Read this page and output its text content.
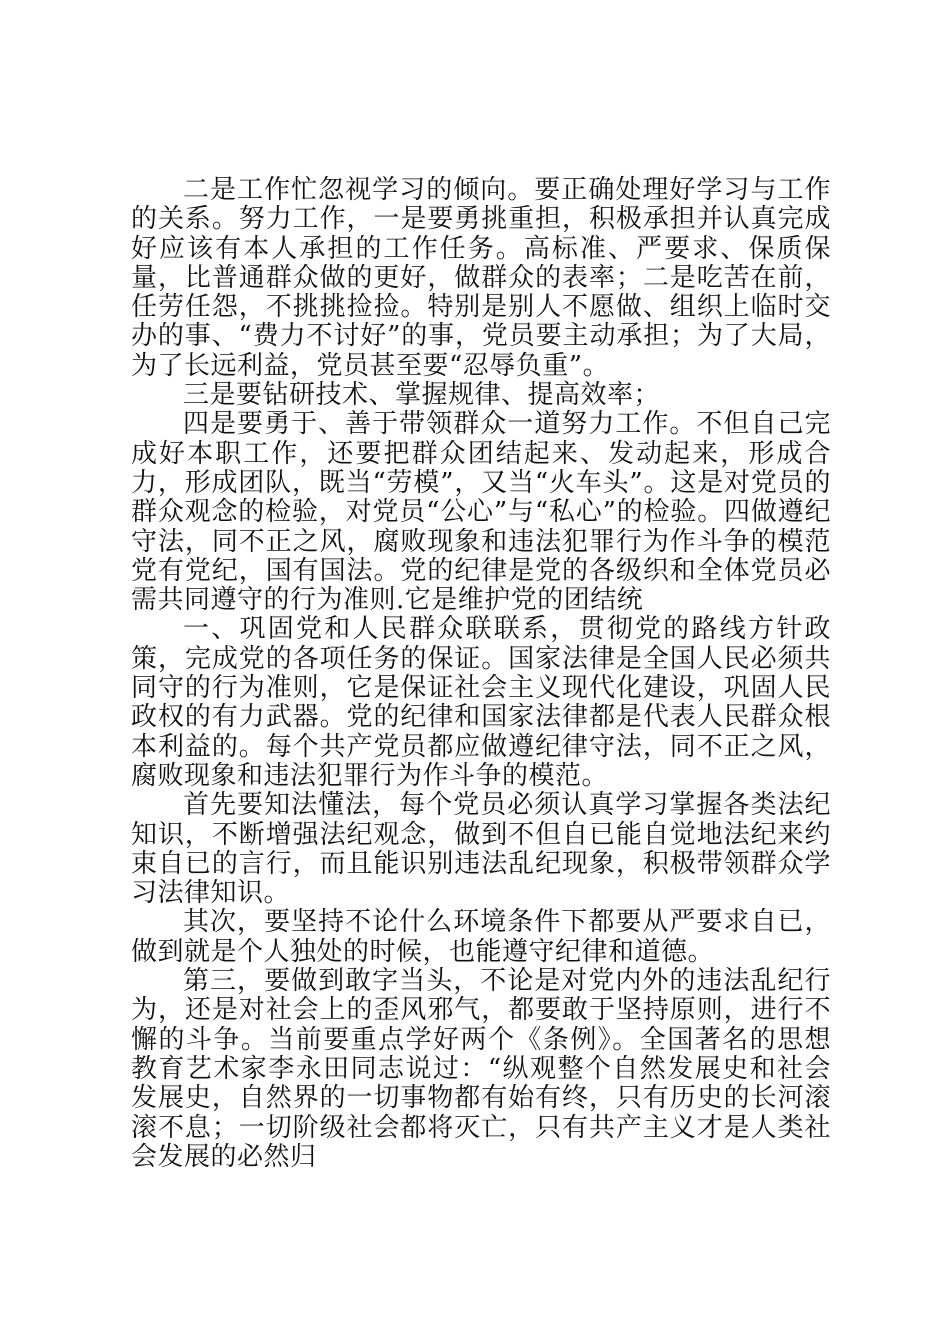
二是工作忙忽视学习的倾向。要正确处理好学习与工作的关系。努力工作，一是要勇挑重担，积极承担并认真完成好应该有本人承担的工作任务。高标准、严要求、保质保量，比普通群众做的更好，做群众的表率；二是吃苦在前，任劳任怨，不挑挑捡捡。特别是别人不愿做、组织上临时交办的事、“费力不讨好”的事，党员要主动承担；为了大局，为了长远利益，党员甚至要“忍辱负重”。

三是要钻研技术、掌握规律、提高效率；

四是要勇于、善于带领群众一道努力工作。不但自己完成好本职工作，还要把群众团结起来、发动起来，形成合力，形成团队，既当“劳模”，又当“火车头”。这是对党员的群众观念的检验，对党员“公心”与“私心”的检验。四做遵纪守法，同不正之风，腐败现象和违法犯罪行为作斗争的模范党有党纪，国有国法。党的纪律是党的各级织和全体党员必需共同遵守的行为准则.它是维护党的团结统

一、巩固党和人民群众联联系，贯彻党的路线方针政策，完成党的各项任务的保证。国家法律是全国人民必须共同守的行为准则，它是保证社会主义现代化建设，巩固人民政权的有力武器。党的纪律和国家法律都是代表人民群众根本利益的。每个共产党员都应做遵纪律守法，同不正之风，腐败现象和违法犯罪行为作斗争的模范。

首先要知法懂法，每个党员必须认真学习掌握各类法纪知识，不断增强法纪观念，做到不但自已能自觉地法纪来约束自已的言行，而且能识别违法乱纪现象，积极带领群众学习法律知识。

其次，要坚持不论什么环境条件下都要从严要求自已，做到就是个人独处的时候，也能遵守纪律和道德。

第三，要做到敢字当头，不论是对党内外的违法乱纪行为，还是对社会上的歪风邪气，都要敢于坚持原则，进行不懈的斗争。当前要重点学好两个《条例》。全国著名的思想教育艺术家李永田同志说过：“纵观整个自然发展史和社会发展史，自然界的一切事物都有始有终，只有历史的长河滚滚不息；一切阶级社会都将灭亡，只有共产主义才是人类社会发展的必然归
